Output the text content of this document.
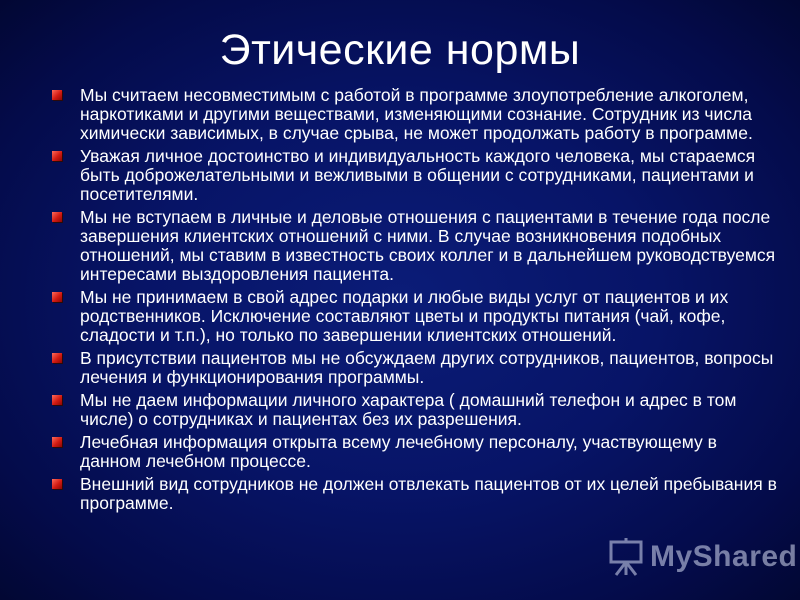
Этические нормы
Мы считаем несовместимым с работой в программе злоупотребление алкоголем, наркотиками и другими веществами, изменяющими сознание. Сотрудник из числа химически зависимых, в случае срыва, не может продолжать работу в программе.
Уважая личное достоинство и индивидуальность каждого человека, мы стараемся быть доброжелательными и вежливыми в общении с сотрудниками, пациентами и посетителями.
Мы не вступаем в личные и деловые отношения с пациентами в течение года после завершения клиентских отношений с ними. В случае возникновения подобных отношений, мы ставим в известность своих коллег и в дальнейшем руководствуемся интересами выздоровления пациента.
Мы не принимаем в свой адрес подарки и любые виды услуг от пациентов и их родственников. Исключение составляют цветы и продукты питания (чай, кофе, сладости и т.п.), но только по завершении клиентских отношений.
В присутствии пациентов мы не обсуждаем других сотрудников, пациентов, вопросы лечения и функционирования программы.
Мы не даем информации личного характера ( домашний телефон и адрес в том числе) о сотрудниках и пациентах без их разрешения.
Лечебная информация открыта всему лечебному персоналу, участвующему в данном лечебном процессе.
Внешний вид сотрудников не должен отвлекать пациентов от их целей пребывания в программе.
MyShared
